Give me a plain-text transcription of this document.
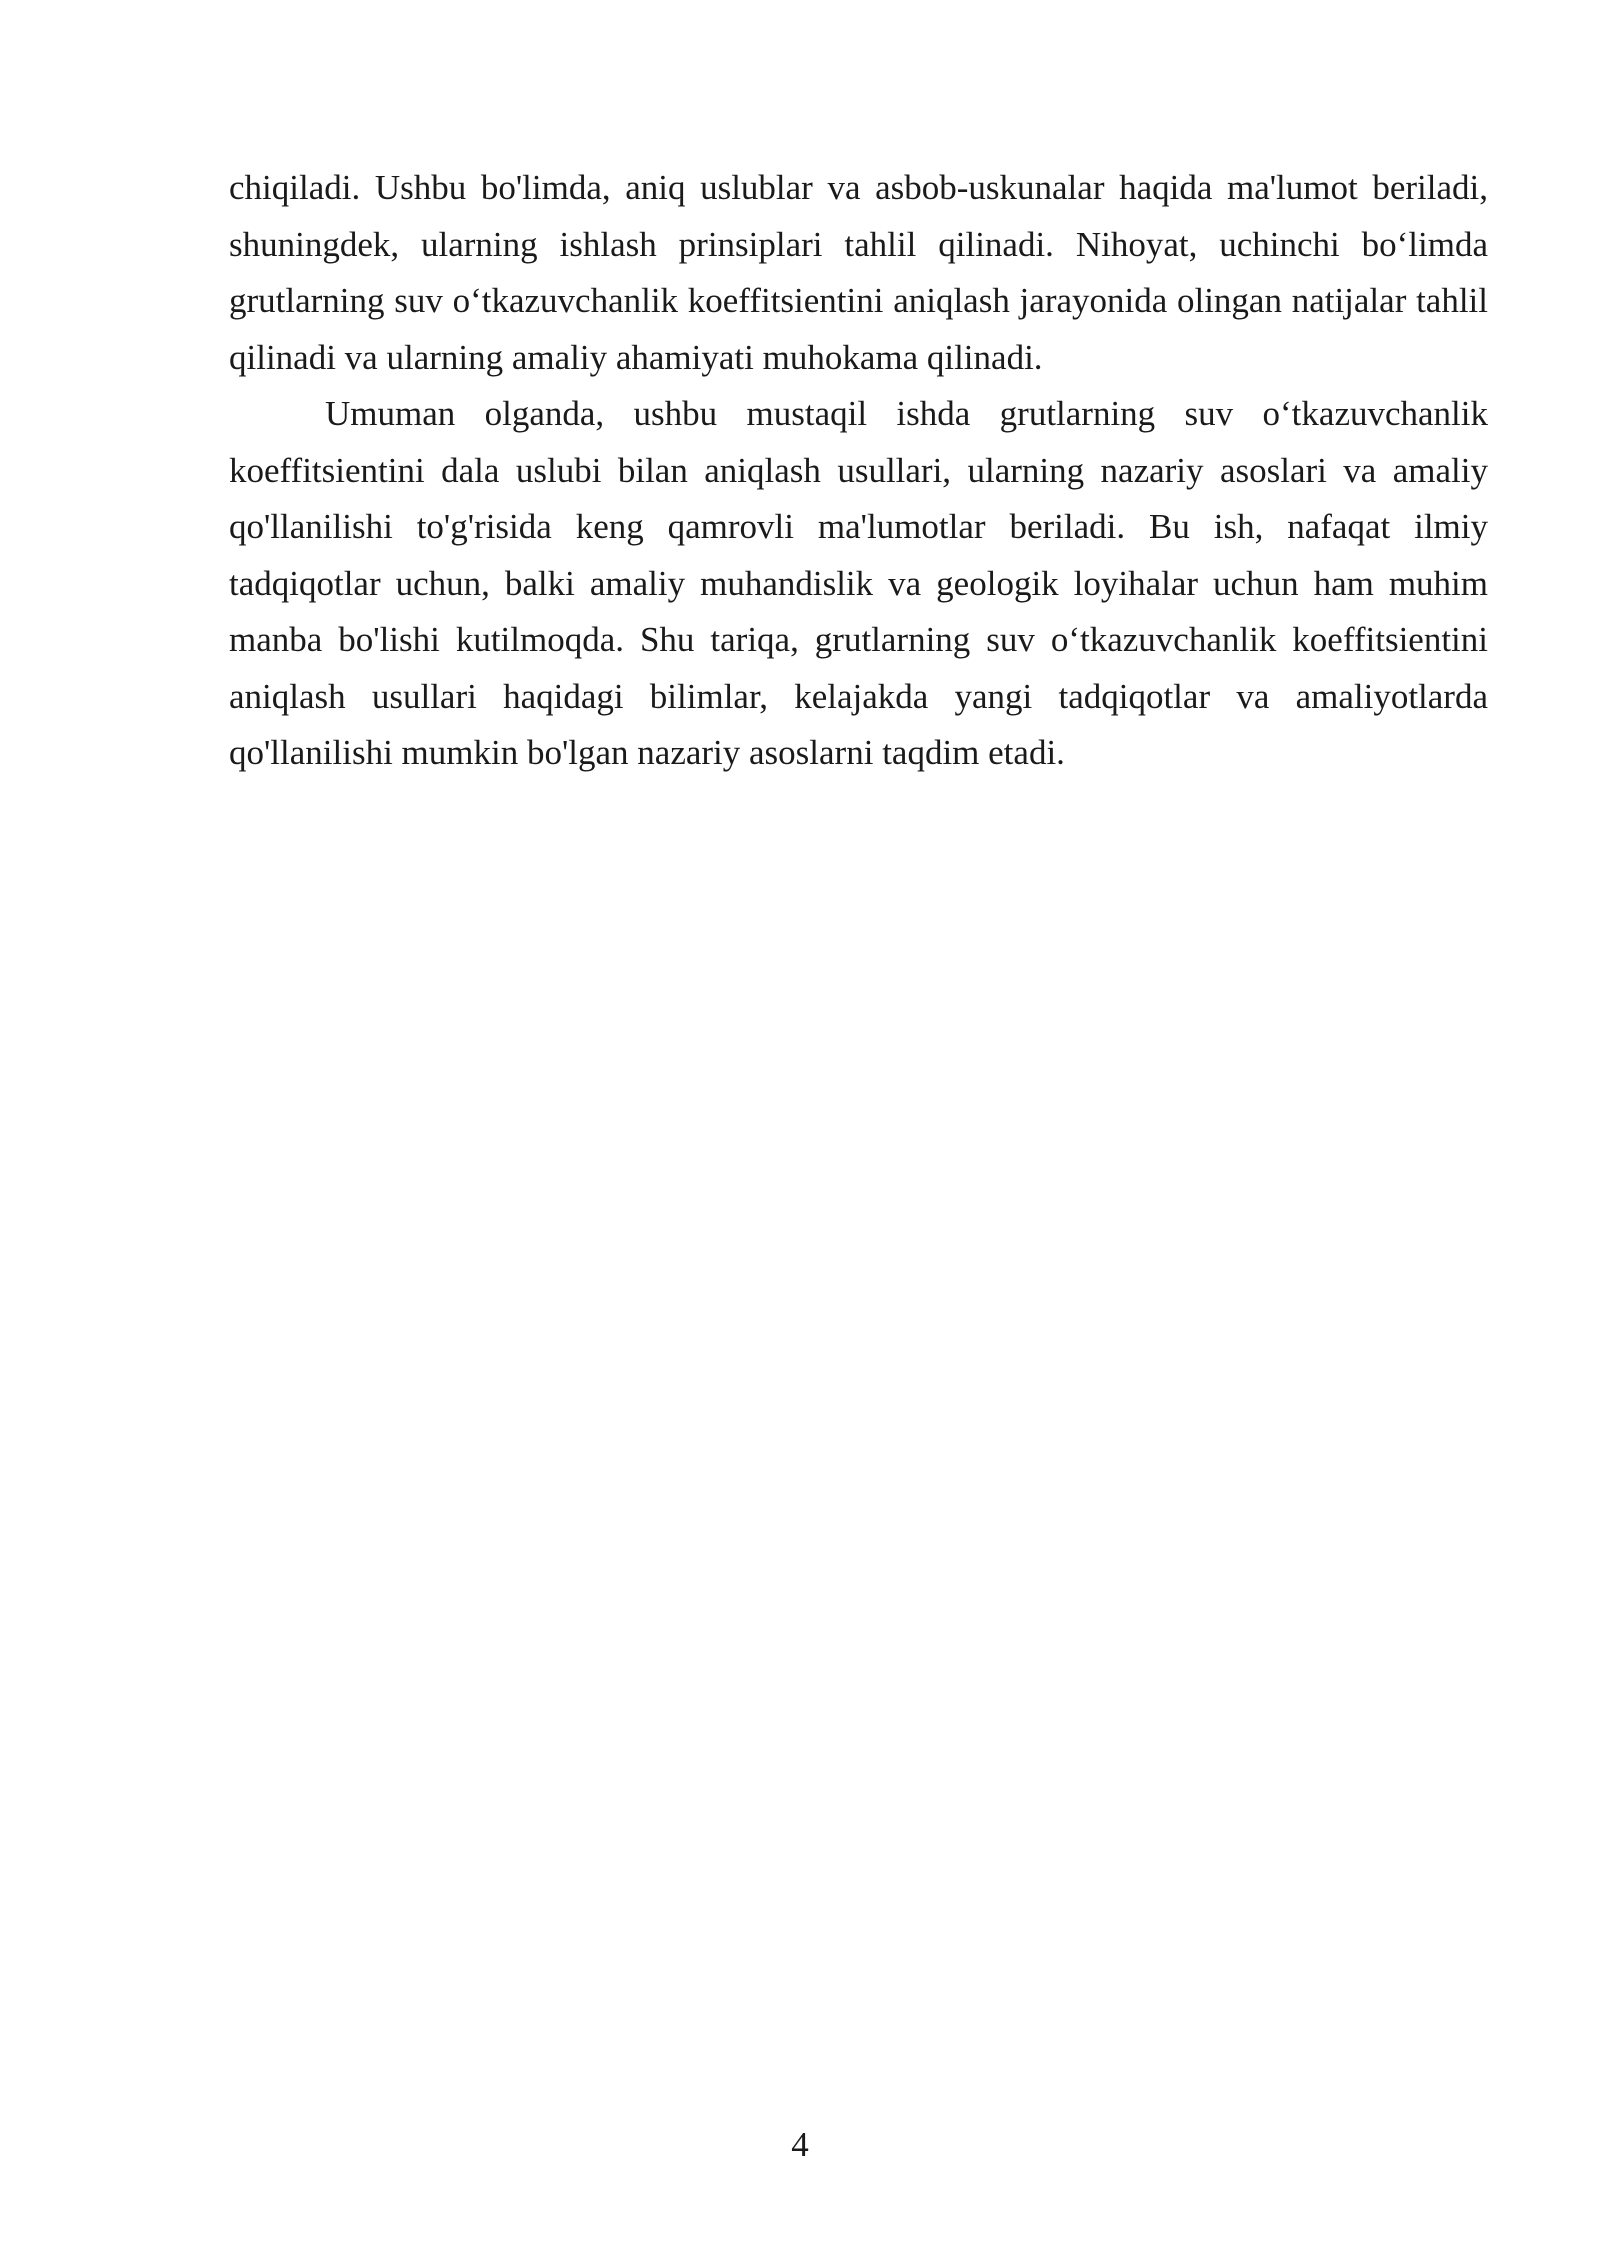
chiqiladi. Ushbu bo'limda, aniq uslublar va asbob-uskunalar haqida ma'lumot beriladi, shuningdek, ularning ishlash prinsiplari tahlil qilinadi. Nihoyat, uchinchi bo‘limda grutlarning suv o‘tkazuvchanlik koeffitsientini aniqlash jarayonida olingan natijalar tahlil qilinadi va ularning amaliy ahamiyati muhokama qilinadi.

Umuman olganda, ushbu mustaqil ishda grutlarning suv o‘tkazuvchanlik koeffitsientini dala uslubi bilan aniqlash usullari, ularning nazariy asoslari va amaliy qo'llanilishi to'g'risida keng qamrovli ma'lumotlar beriladi. Bu ish, nafaqat ilmiy tadqiqotlar uchun, balki amaliy muhandislik va geologik loyihalar uchun ham muhim manba bo'lishi kutilmoqda. Shu tariqa, grutlarning suv o‘tkazuvchanlik koeffitsientini aniqlash usullari haqidagi bilimlar, kelajakda yangi tadqiqotlar va amaliyotlarda qo'llanilishi mumkin bo'lgan nazariy asoslarni taqdim etadi.

4
